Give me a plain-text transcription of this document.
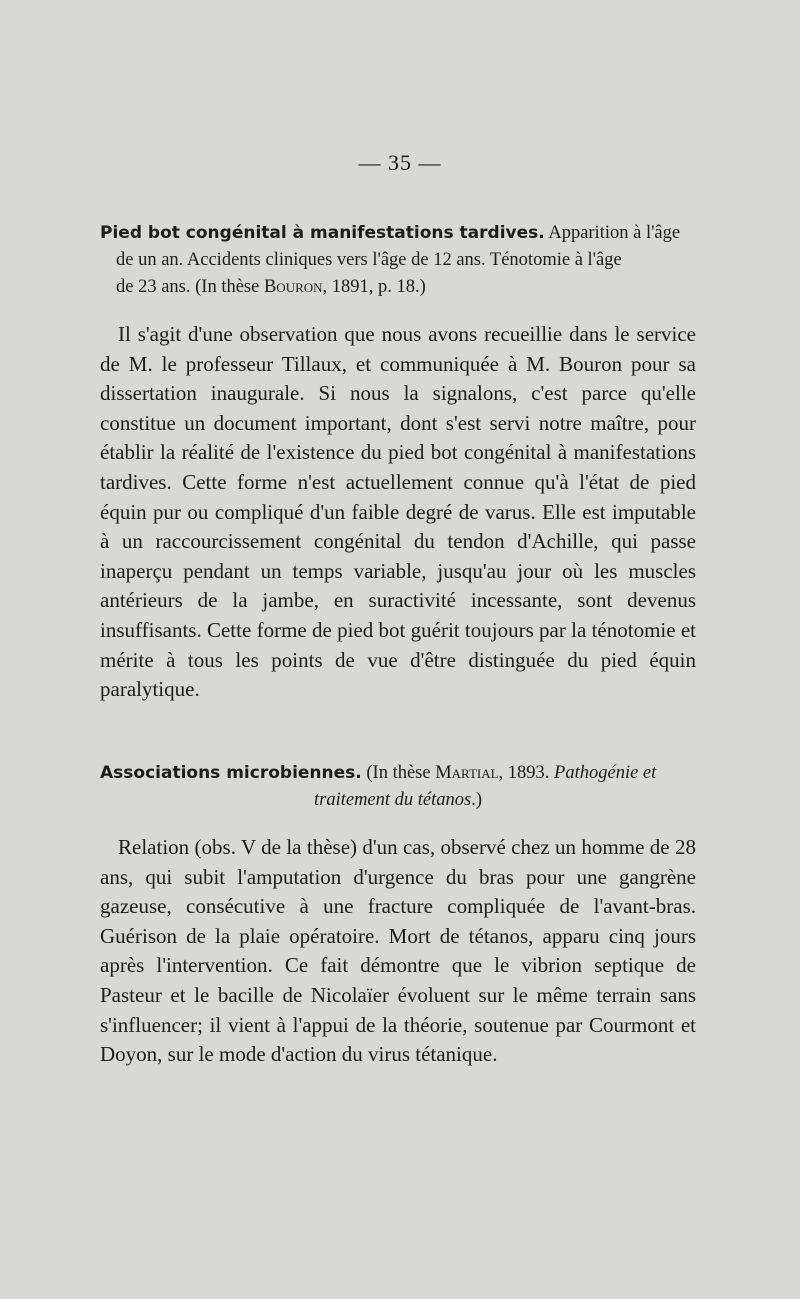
— 35 —
Pied bot congénital à manifestations tardives. Apparition à l'âge
de un an. Accidents cliniques vers l'âge de 12 ans. Ténotomie à l'âge
de 23 ans. (In thèse Bouron, 1891, p. 18.)

Il s'agit d'une observation que nous avons recueillie dans le service de M. le professeur Tillaux, et communiquée à M. Bouron pour sa dissertation inaugurale. Si nous la signalons, c'est parce qu'elle constitue un document important, dont s'est servi notre maître, pour établir la réalité de l'existence du pied bot congénital à manifestations tardives. Cette forme n'est actuellement connue qu'à l'état de pied équin pur ou compliqué d'un faible degré de varus. Elle est imputable à un raccourcissement congénital du tendon d'Achille, qui passe inaperçu pendant un temps variable, jusqu'au jour où les muscles antérieurs de la jambe, en suractivité incessante, sont devenus insuffisants. Cette forme de pied bot guérit toujours par la ténotomie et mérite à tous les points de vue d'être distinguée du pied équin paralytique.

Associations microbiennes. (In thèse Martial, 1893. Pathogénie et
traitement du tétanos.)

Relation (obs. V de la thèse) d'un cas, observé chez un homme de 28 ans, qui subit l'amputation d'urgence du bras pour une gangrène gazeuse, consécutive à une fracture compliquée de l'avant-bras. Guérison de la plaie opératoire. Mort de tétanos, apparu cinq jours après l'intervention. Ce fait démontre que le vibrion septique de Pasteur et le bacille de Nicolaïer évoluent sur le même terrain sans s'influencer; il vient à l'appui de la théorie, soutenue par Courmont et Doyon, sur le mode d'action du virus tétanique.
